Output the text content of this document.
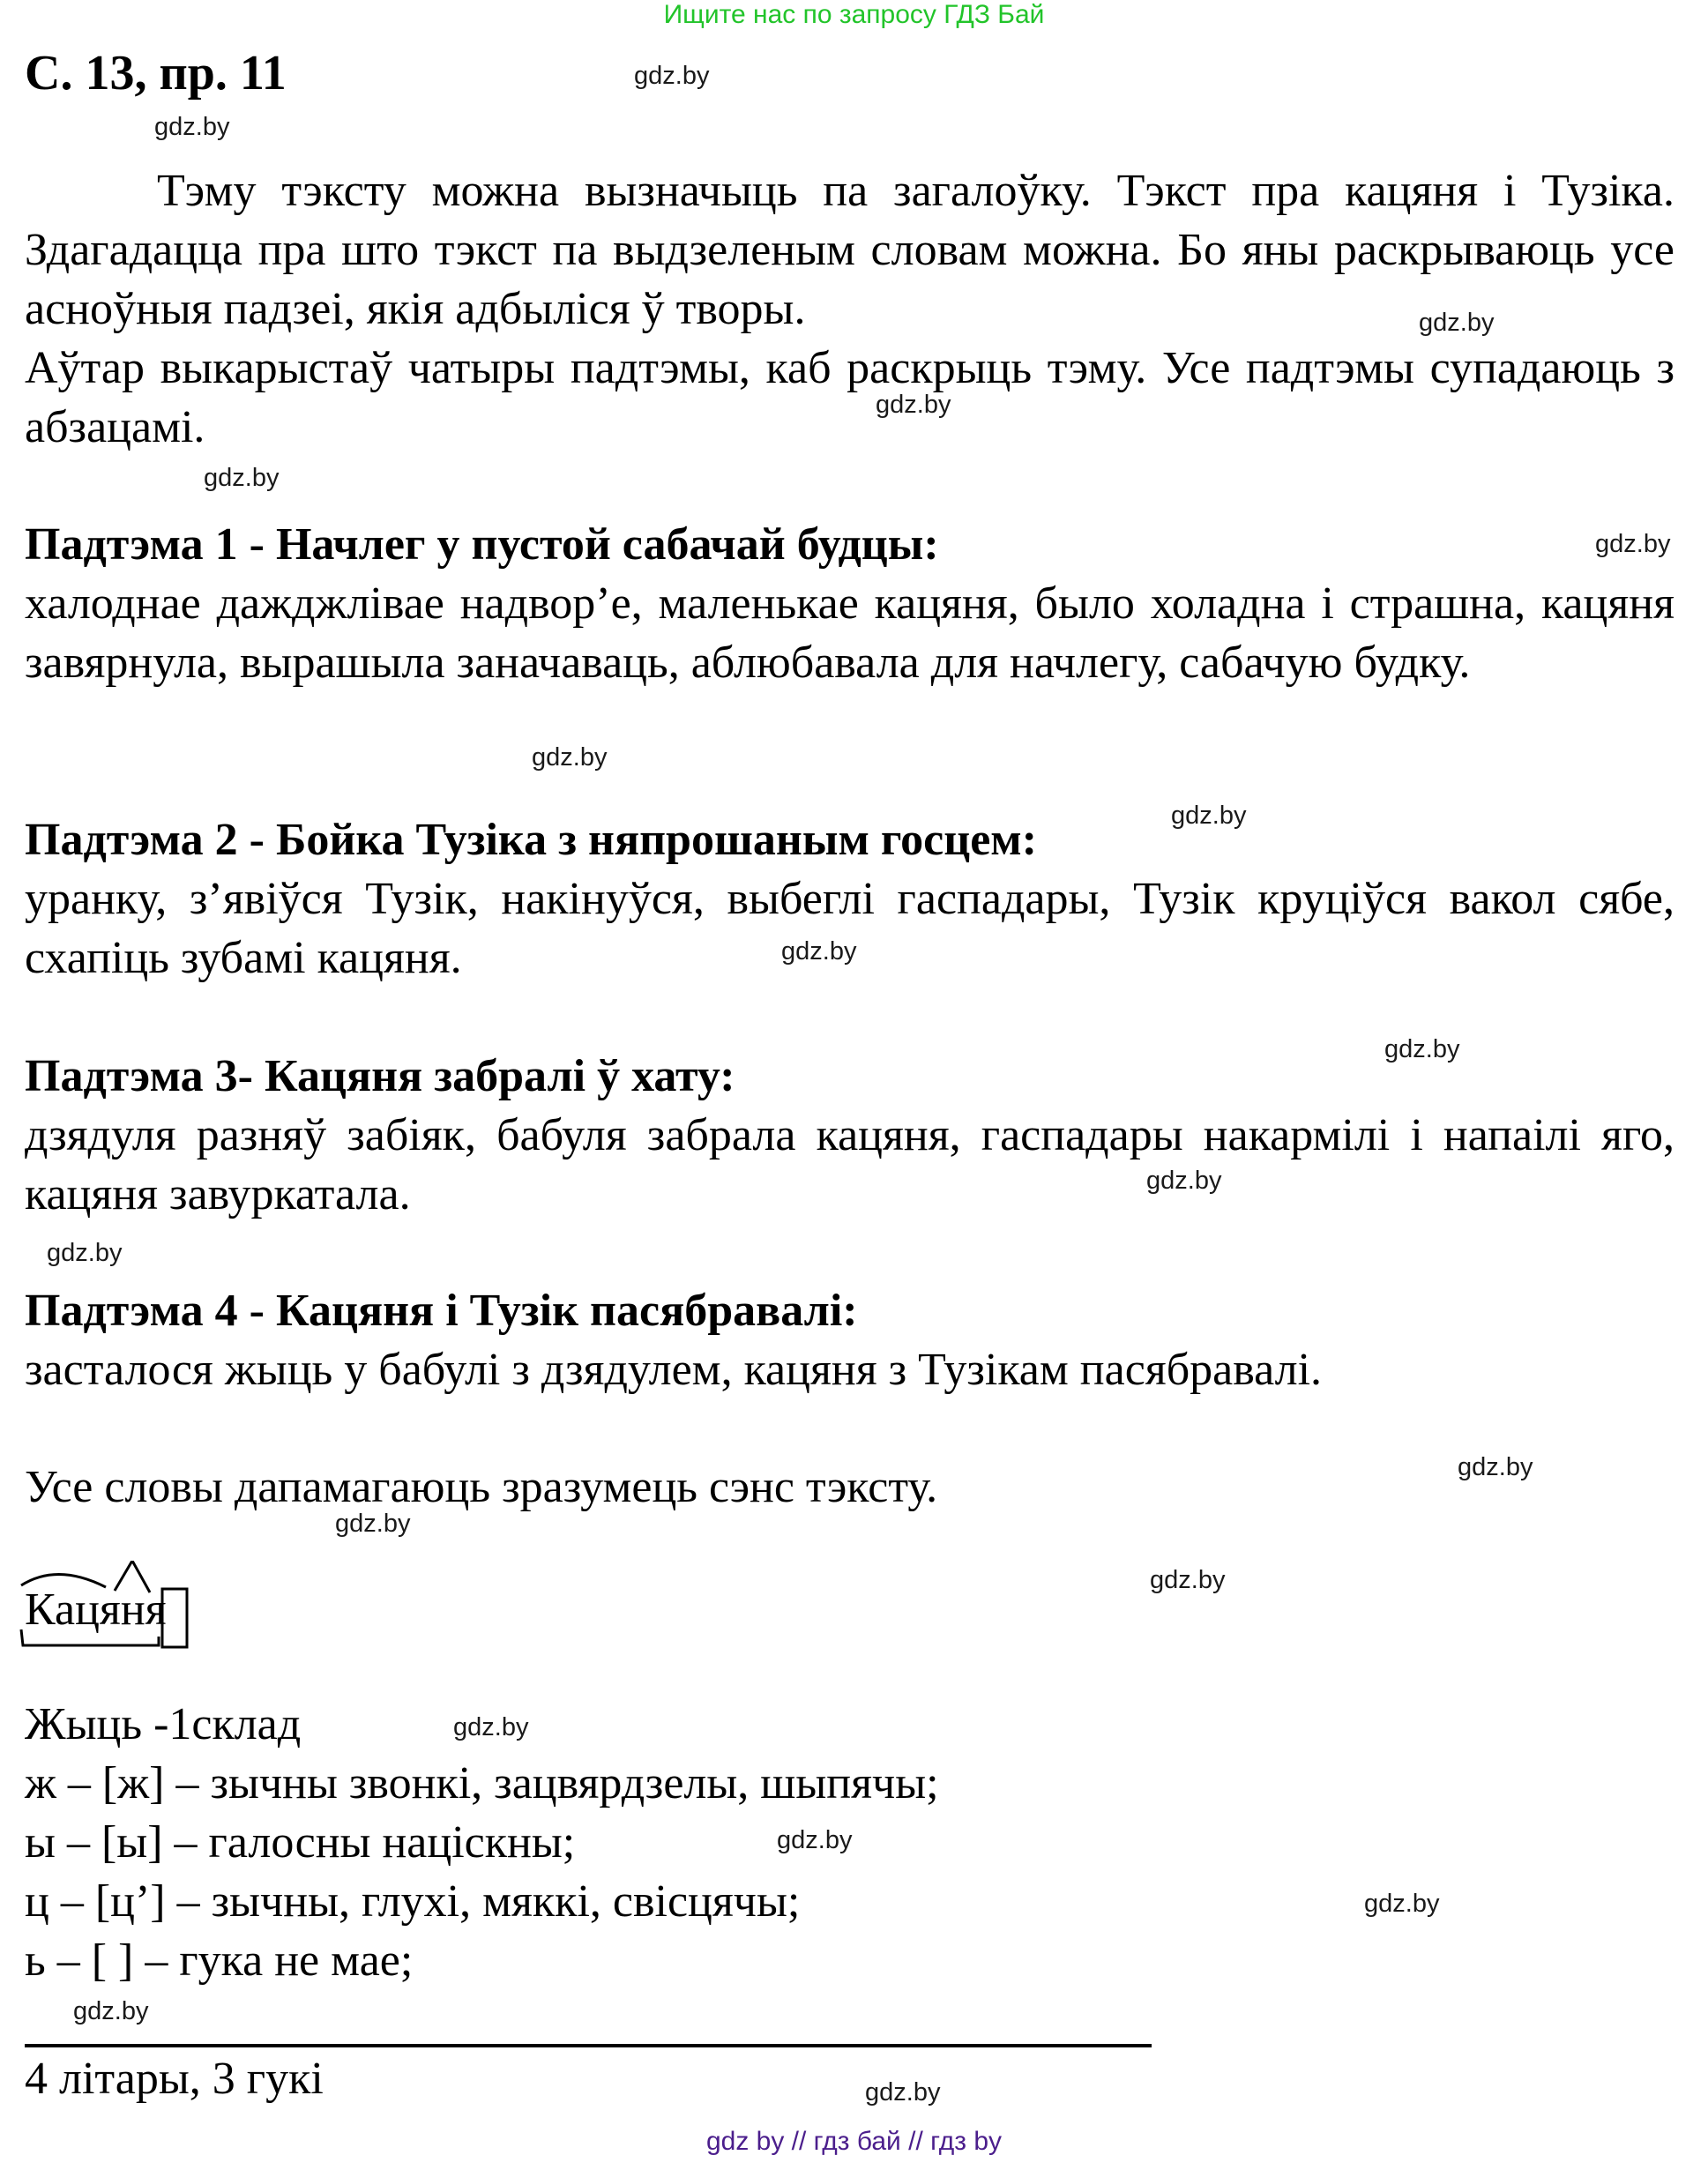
Ищите нас по запросу ГДЗ Бай
С. 13, пр. 11

Тэму тэксту можна вызначыць па загалоўку. Тэкст пра кацяня і Тузіка. Здагадацца пра што тэкст па выдзеленым словам можна. Бо яны раскрываюць усе асноўныя падзеі, якія адбыліся ў творы.

Аўтар выкарыстаў чатыры падтэмы, каб раскрыць тэму. Усе падтэмы супадаюць з абзацамі.

Падтэма 1 - Начлег у пустой сабачай будцы:
халоднае дажджлівае надвор’е, маленькае кацяня, было холадна і страшна, кацяня завярнула, вырашыла заначаваць, аблюбавала для начлегу, сабачую будку.
Падтэма 2 - Бойка Тузіка з няпрошаным госцем:
уранку, з’явіўся Тузік, накінуўся, выбеглі гаспадары, Тузік круціўся вакол сябе, схапіць зубамі кацяня.
Падтэма 3- Кацяня забралі ў хату:
дзядуля разняў забіяк, бабуля забрала кацяня, гаспадары накармілі і напаілі яго, кацяня завуркатала.
Падтэма 4 - Кацяня і Тузік пасябравалі:
засталося жыць у бабулі з дзядулем, кацяня з Тузікам пасябравалі.
Усе словы дапамагаюць зразумець сэнс тэксту.
Кацяня
Жыць -1склад
ж – [ж] – зычны звонкі, зацвярдзелы, шыпячы;
ы – [ы] – галосны націскны;
ц – [ц’] – зычны, глухі, мяккі, свісцячы;
ь – [ ] – гука не мае;
4 літары, 3 гукі
gdz.by
gdz.by
gdz.by
gdz.by
gdz.by
gdz.by
gdz.by
gdz.by
gdz.by
gdz.by
gdz.by
gdz.by
gdz.by
gdz.by
gdz.by
gdz.by
gdz.by
gdz.by
gdz.by
gdz.by
gdz by // гдз бай // гдз by
